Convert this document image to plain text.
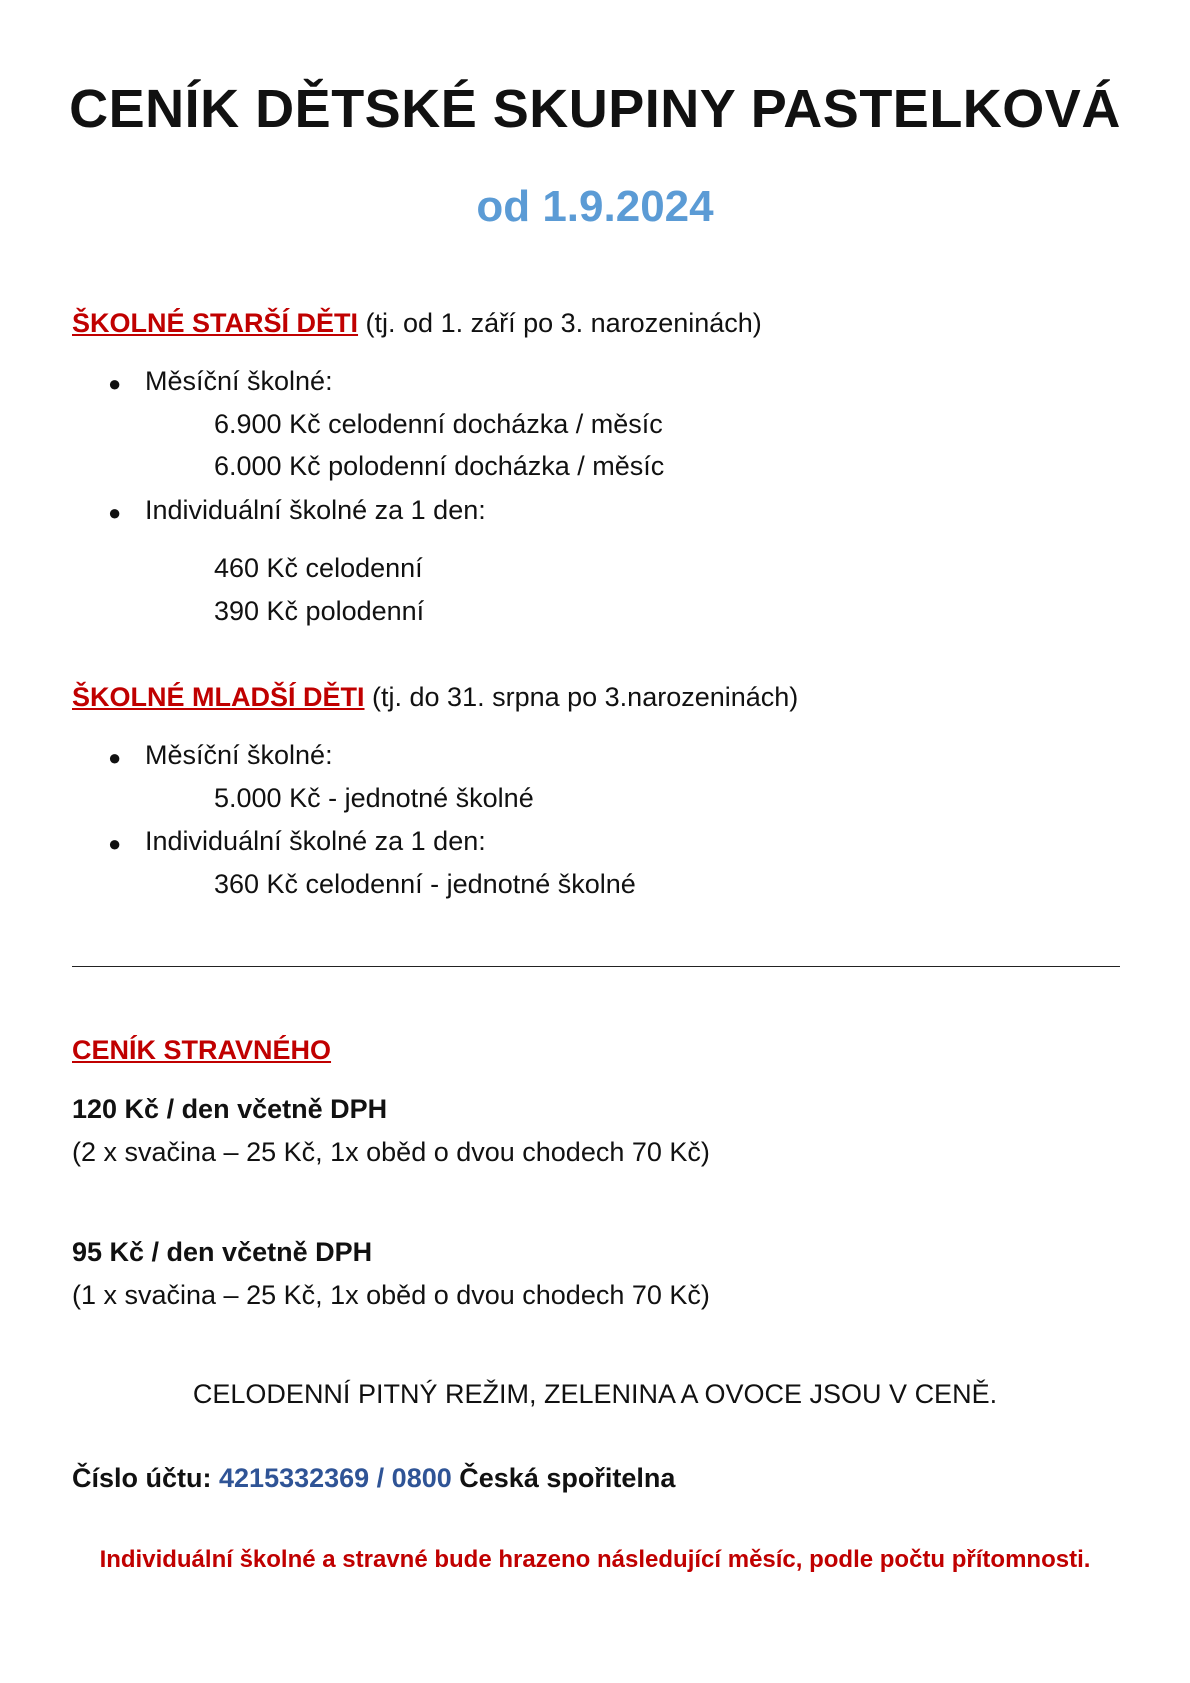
CENÍK DĚTSKÉ SKUPINY PASTELKOVÁ
od 1.9.2024
ŠKOLNÉ STARŠÍ DĚTI (tj. od 1. září po 3. narozeninách)
● Měsíční školné:
6.900 Kč celodenní docházka / měsíc
6.000 Kč polodenní docházka / měsíc
● Individuální školné za 1 den:
460 Kč celodenní
390 Kč polodenní
ŠKOLNÉ MLADŠÍ DĚTI (tj. do 31. srpna po 3.narozeninách)
● Měsíční školné:
5.000 Kč - jednotné školné
● Individuální školné za 1 den:
360 Kč celodenní - jednotné školné
CENÍK STRAVNÉHO
120 Kč / den včetně DPH
(2 x svačina – 25 Kč, 1x oběd o dvou chodech 70 Kč)
95 Kč / den včetně DPH
(1 x svačina – 25 Kč, 1x oběd o dvou chodech 70 Kč)
CELODENNÍ PITNÝ REŽIM, ZELENINA A OVOCE JSOU V CENĚ.
Číslo účtu: 4215332369 / 0800 Česká spořitelna
Individuální školné a stravné bude hrazeno následující měsíc, podle počtu přítomnosti.
